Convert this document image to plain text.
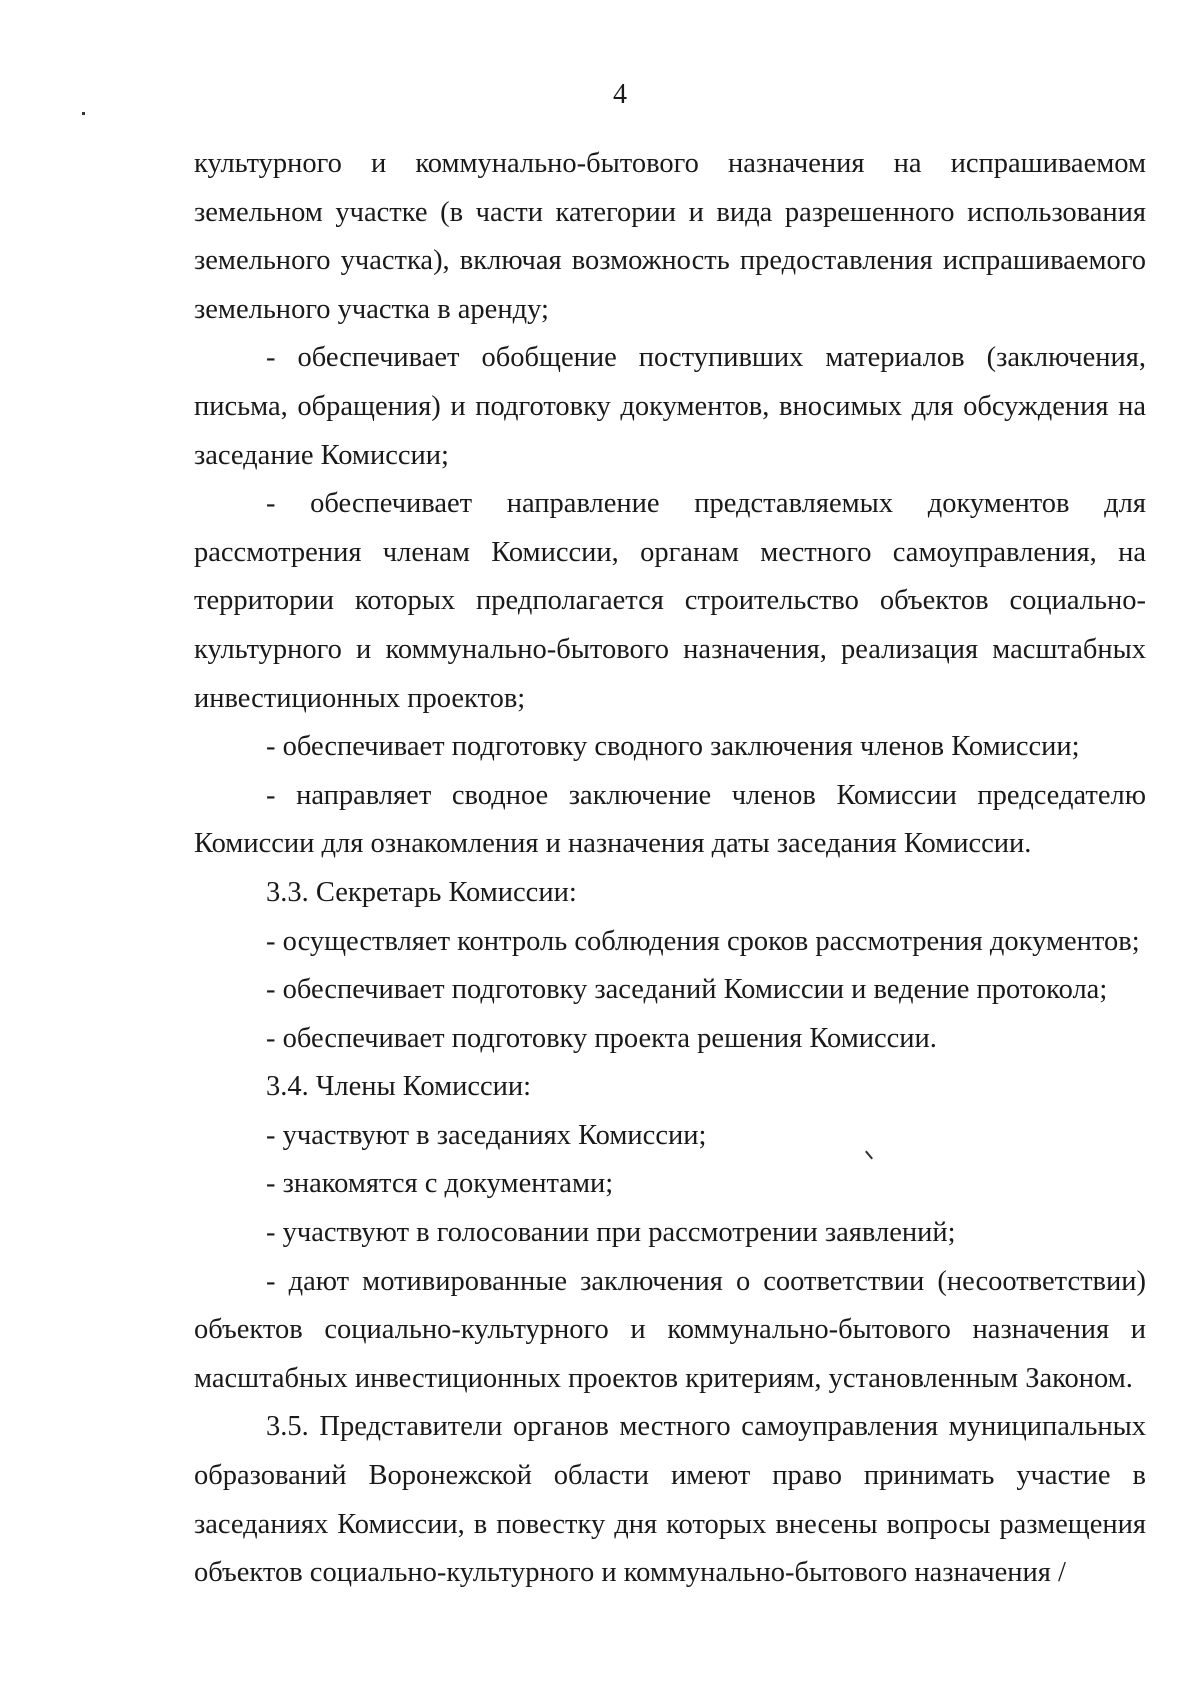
4

культурного и коммунально-бытового назначения на испрашиваемом земельном участке (в части категории и вида разрешенного использования земельного участка), включая возможность предоставления испрашиваемого земельного участка в аренду;

- обеспечивает обобщение поступивших материалов (заключения, письма, обращения) и подготовку документов, вносимых для обсуждения на заседание Комиссии;

- обеспечивает направление представляемых документов для рассмотрения членам Комиссии, органам местного самоуправления, на территории которых предполагается строительство объектов социально-культурного и коммунально-бытового назначения, реализация масштабных инвестиционных проектов;

- обеспечивает подготовку сводного заключения членов Комиссии;

- направляет сводное заключение членов Комиссии председателю Комиссии для ознакомления и назначения даты заседания Комиссии.

3.3. Секретарь Комиссии:

- осуществляет контроль соблюдения сроков рассмотрения документов;

- обеспечивает подготовку заседаний Комиссии и ведение протокола;

- обеспечивает подготовку проекта решения Комиссии.

3.4. Члены Комиссии:

- участвуют в заседаниях Комиссии;

- знакомятся с документами;

- участвуют в голосовании при рассмотрении заявлений;

- дают мотивированные заключения о соответствии (несоответствии) объектов социально-культурного и коммунально-бытового назначения и масштабных инвестиционных проектов критериям, установленным Законом.

3.5. Представители органов местного самоуправления муниципальных образований Воронежской области имеют право принимать участие в заседаниях Комиссии, в повестку дня которых внесены вопросы размещения объектов социально-культурного и коммунально-бытового назначения /
